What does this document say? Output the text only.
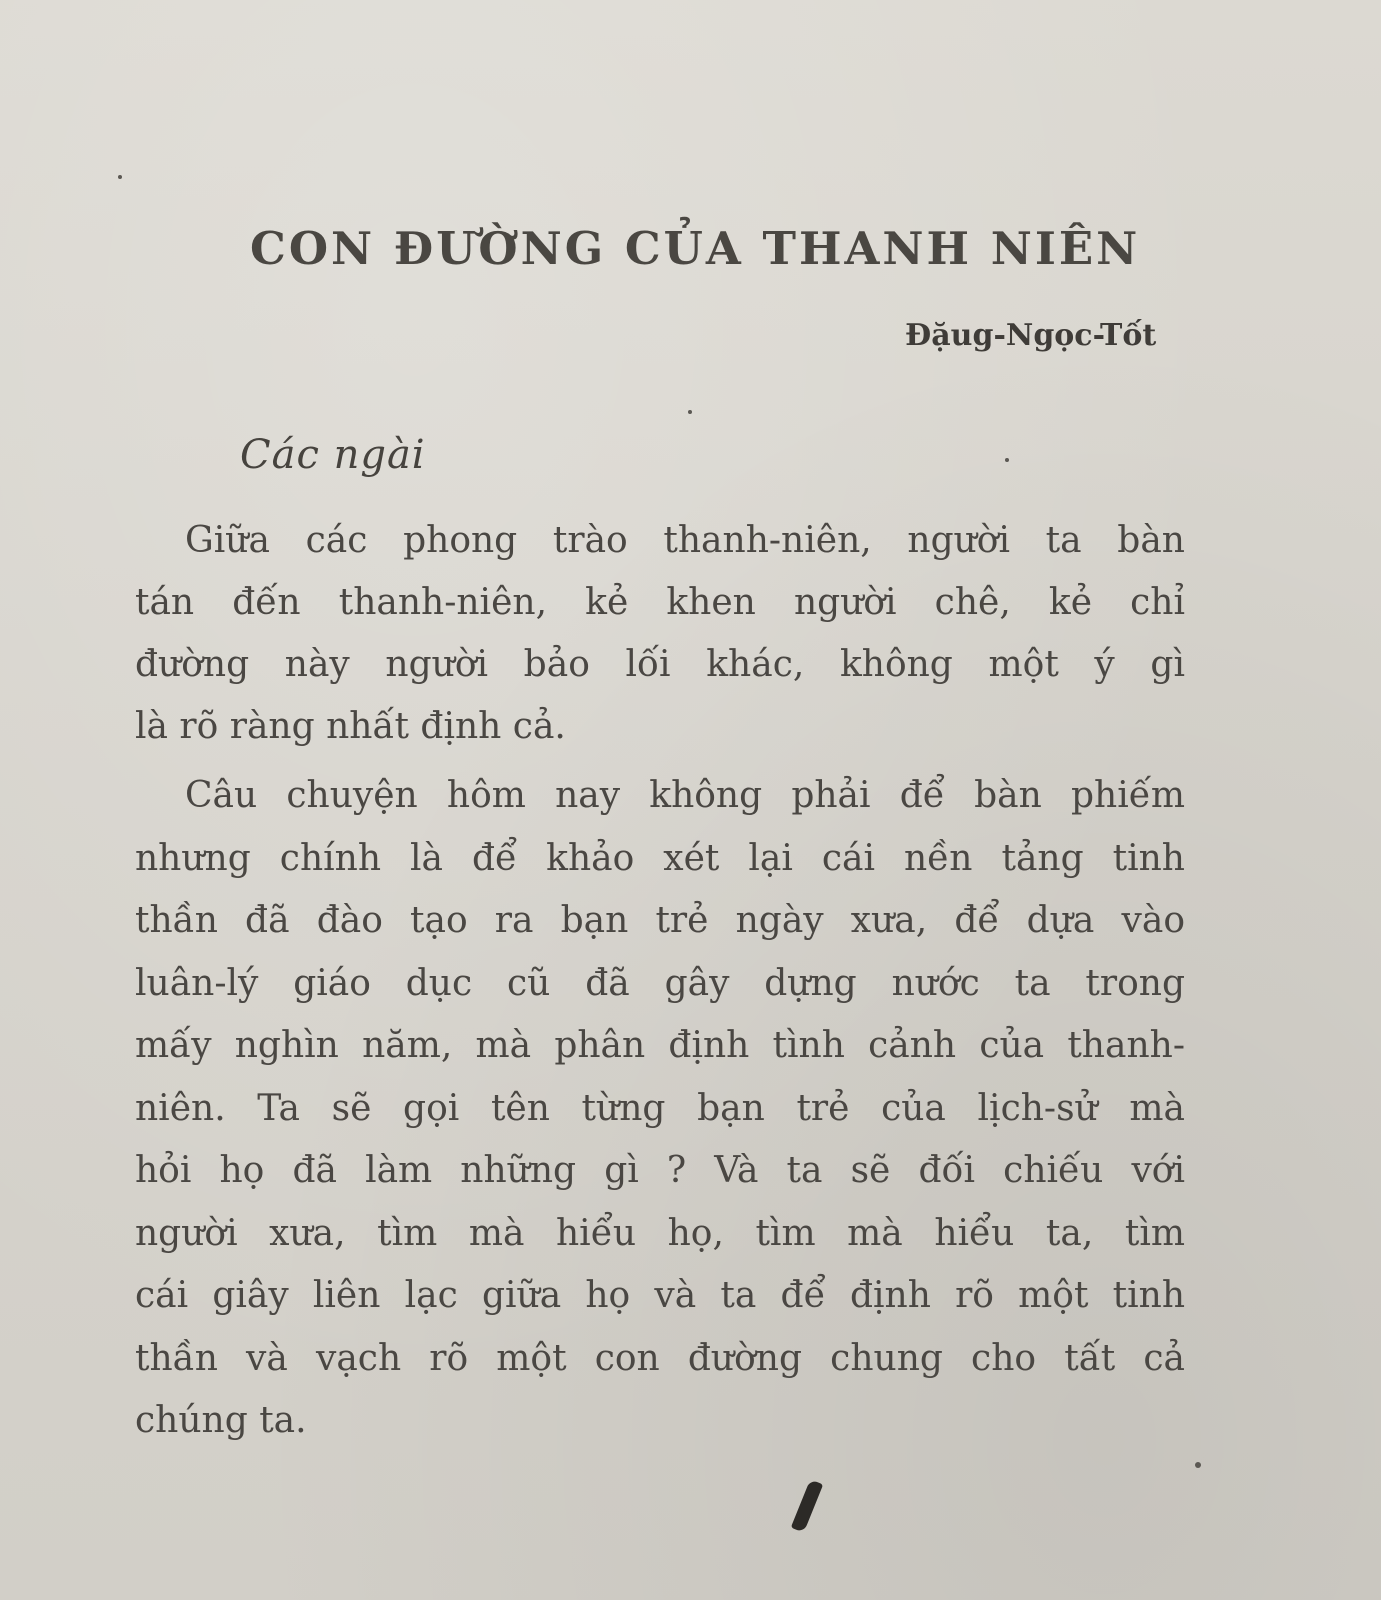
CON ĐƯỜNG CỦA THANH NIÊN
Đặug-Ngọc-Tốt
Các ngài
Giữa các phong trào thanh-niên, người ta bàn
tán đến thanh-niên, kẻ khen người chê, kẻ chỉ
đường này người bảo lối khác, không một ý gì
là rõ ràng nhất định cả.
Câu chuyện hôm nay không phải để bàn phiếm
nhưng chính là để khảo xét lại cái nền tảng tinh
thần đã đào tạo ra bạn trẻ ngày xưa, để dựa vào
luân-lý giáo dục cũ đã gây dựng nước ta trong
mấy nghìn năm, mà phân định tình cảnh của thanh-
niên. Ta sẽ gọi tên từng bạn trẻ của lịch-sử mà
hỏi họ đã làm những gì ? Và ta sẽ đối chiếu với
người xưa, tìm mà hiểu họ, tìm mà hiểu ta, tìm
cái giây liên lạc giữa họ và ta để định rõ một tinh
thần và vạch rõ một con đường chung cho tất cả
chúng ta.
